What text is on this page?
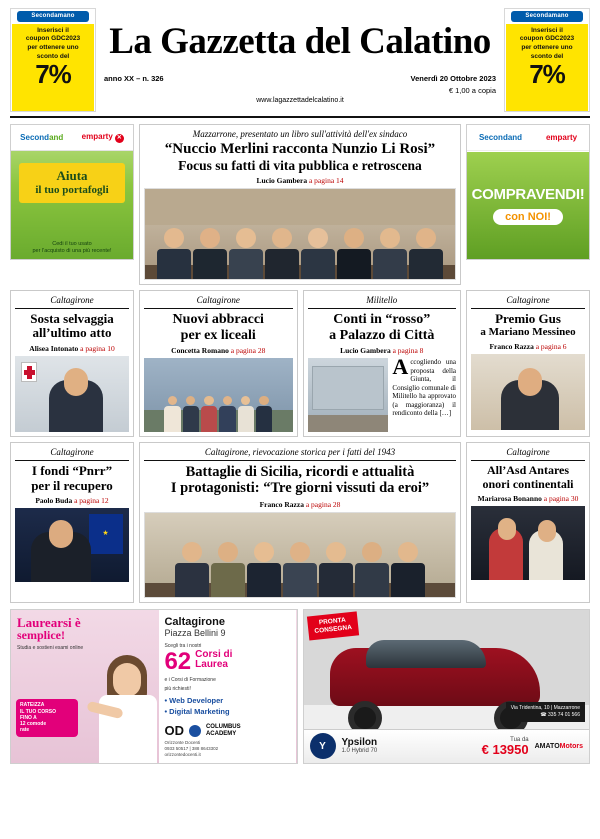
Secondamano
Inserisci il
coupon GDC2023
per ottenere uno
sconto del
7%
La Gazzetta del Calatino
anno XX – n. 326	Venerdì 20 Ottobre 2023
€ 1,00 a copia
www.lagazzettadelcalatino.it
Secondamano
Inserisci il
coupon GDC2023
per ottenere uno
sconto del
7%
Secondand emparty ✕
Aiuta
il tuo portafogli
Cedi il tuo usato
per l'acquisto di una più recente!
Mazzarrone, presentato un libro sull'attività dell'ex sindaco
“Nuccio Merlini racconta Nunzio Li Rosi”
Focus su fatti di vita pubblica e retroscena
Lucio Gambera a pagina 14
Secondand	emparty
COMPRAVENDI!
con NOI!
Caltagirone
Sosta selvaggia
all’ultimo atto
Alisea Intonato a pagina 10
Caltagirone
Nuovi abbracci
per ex liceali
Concetta Romano a pagina 28
Militello
Conti in “rosso”
a Palazzo di Città
Lucio Gambera a pagina 8
Accogliendo una proposta della Giunta, il Consiglio comunale di Militello ha approvato (a maggioranza) il rendiconto della […]
Caltagirone
Premio Gus
a Mariano Messineo
Franco Razza a pagina 6
Caltagirone
I fondi “Pnrr”
per il recupero
Paolo Buda a pagina 12
★
Caltagirone, rievocazione storica per i fatti del 1943
Battaglie di Sicilia, ricordi e attualità
I protagonisti: “Tre giorni vissuti da eroi”
Franco Razza a pagina 28
Caltagirone
All’Asd Antares
onori continentali
Mariarosa Bonanno a pagina 30
Laurearsi è
semplice!
Studia e sostieni esami online
RATEIZZA
IL TUO CORSO
FINO A
12 comode
rate
Caltagirone
Piazza Bellini 9
Scegli tra i nostri
62 Corsi di
Laurea
e i Corsi di Formazione
più richiesti!
• Web Developer
• Digital Marketing
OD	COLUMBUS
ACADEMY
Orizzonte Docenti
0933 50517 | 388 8643302
orizzontedocenti.it
PRONTA
CONSEGNA
Via Tridentina, 10 | Mazzarrone
☎ 335 74 01 566
Y	Ypsilon
1.0 Hybrid 70
Tua da
€ 13950 AMATOMotors
